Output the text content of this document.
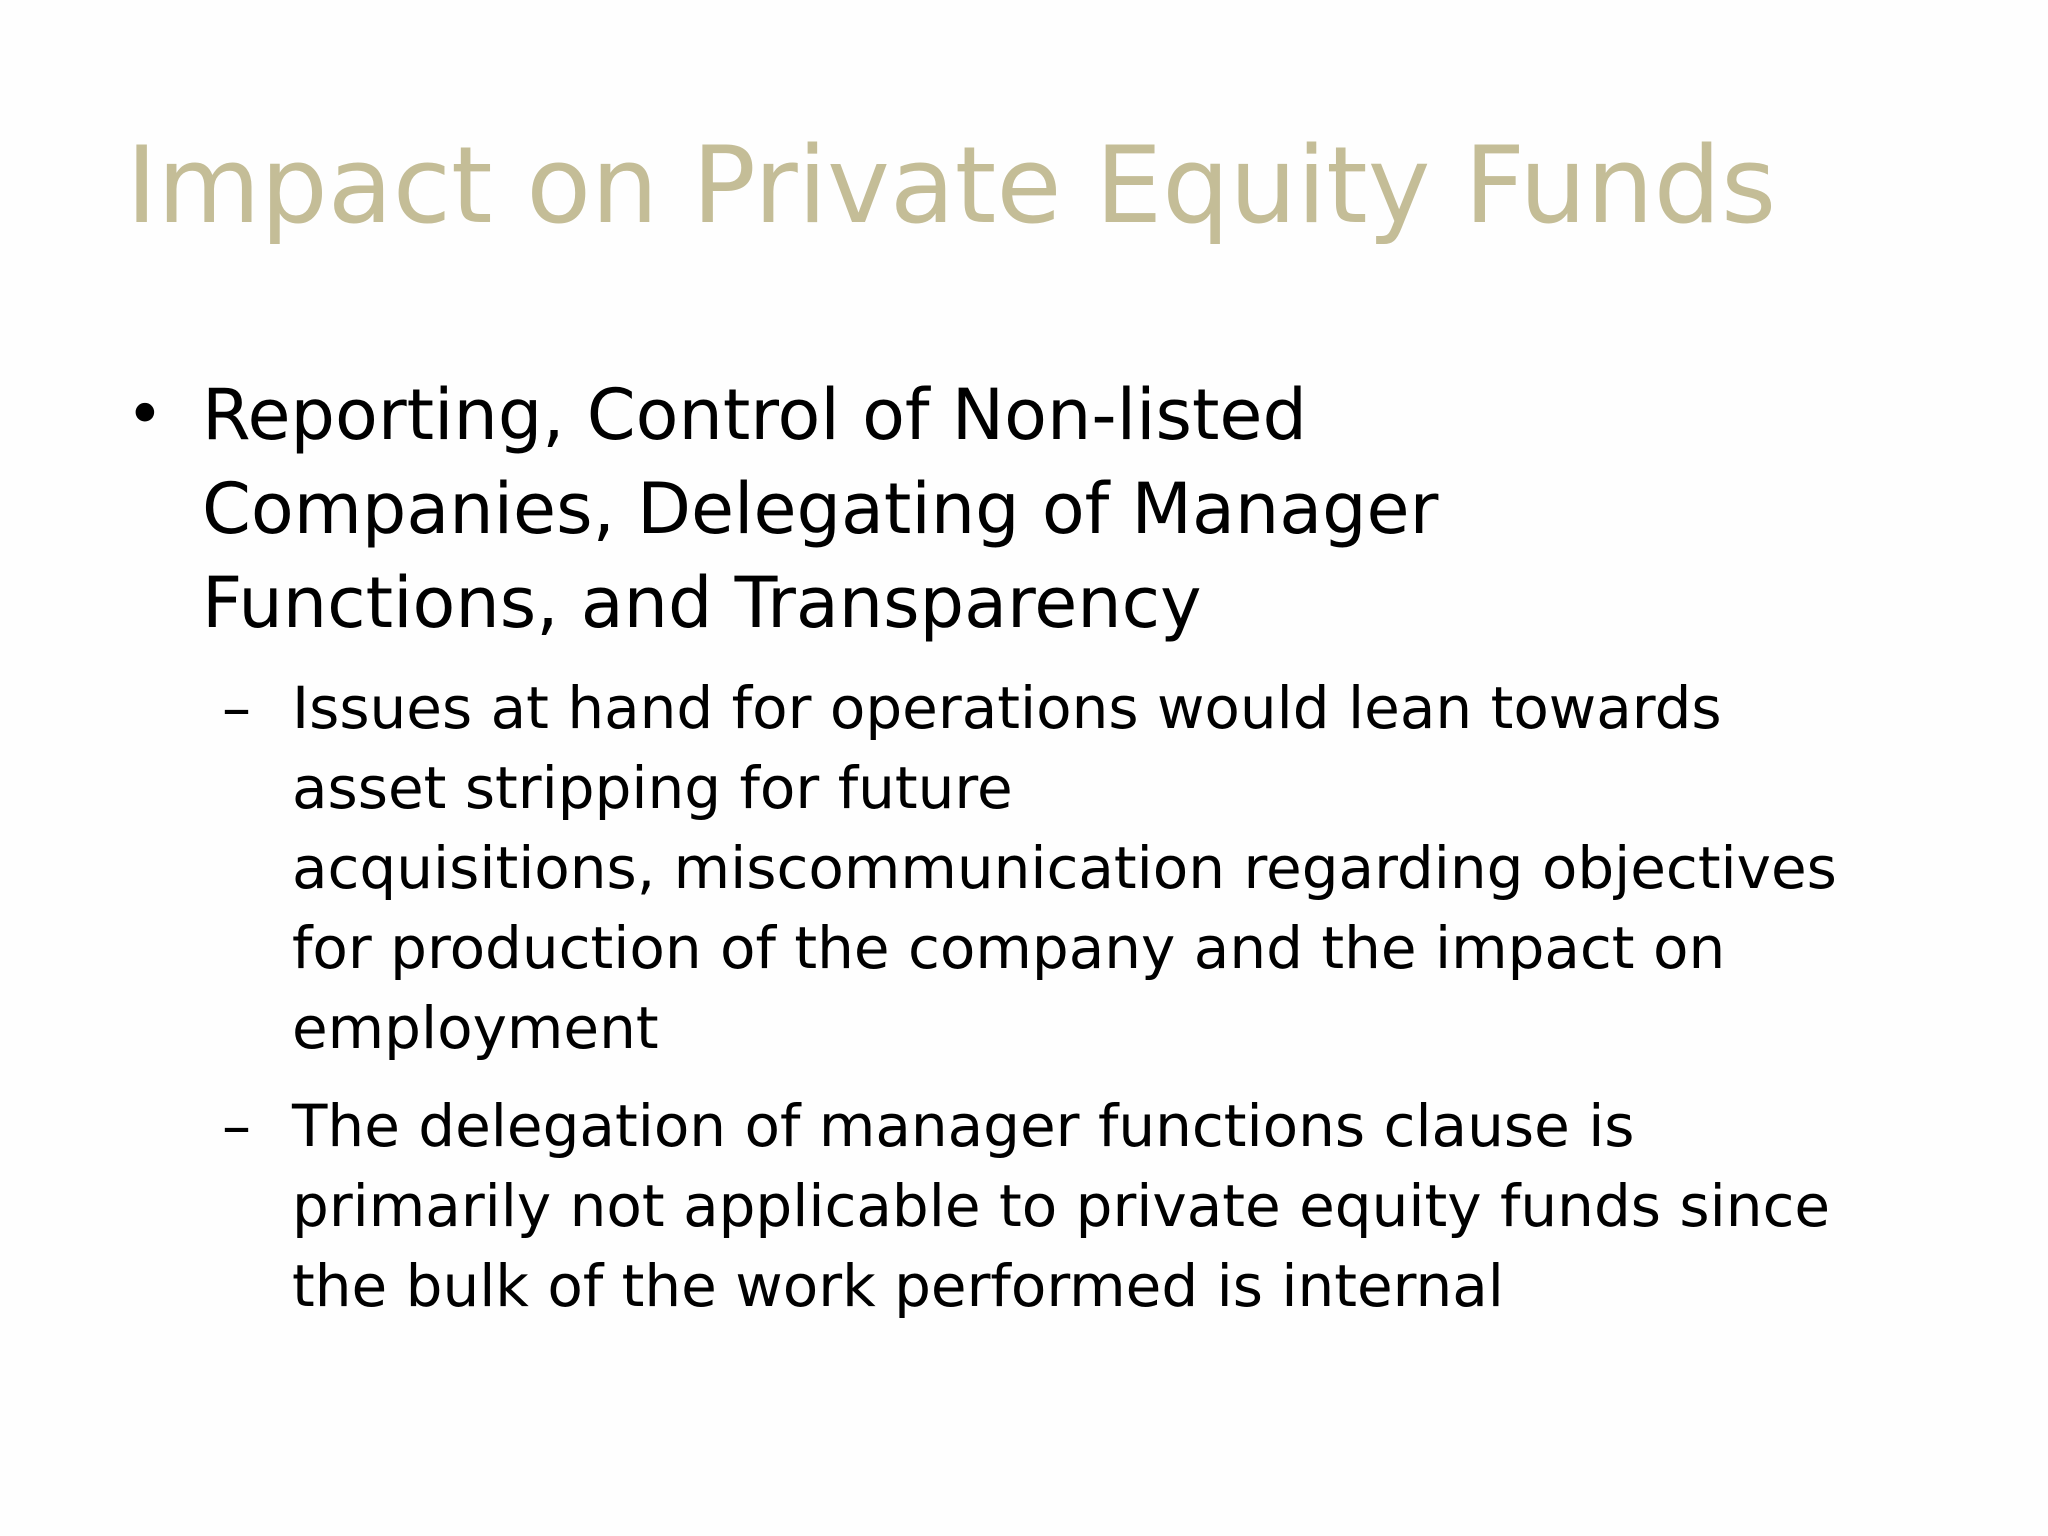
Impact on Private Equity Funds
• Reporting, Control of Non-listed
Companies, Delegating of Manager
Functions, and Transparency
– Issues at hand for operations would lean towards
asset stripping for future
acquisitions, miscommunication regarding objectives
for production of the company and the impact on
employment
– The delegation of manager functions clause is
primarily not applicable to private equity funds since
the bulk of the work performed is internal
